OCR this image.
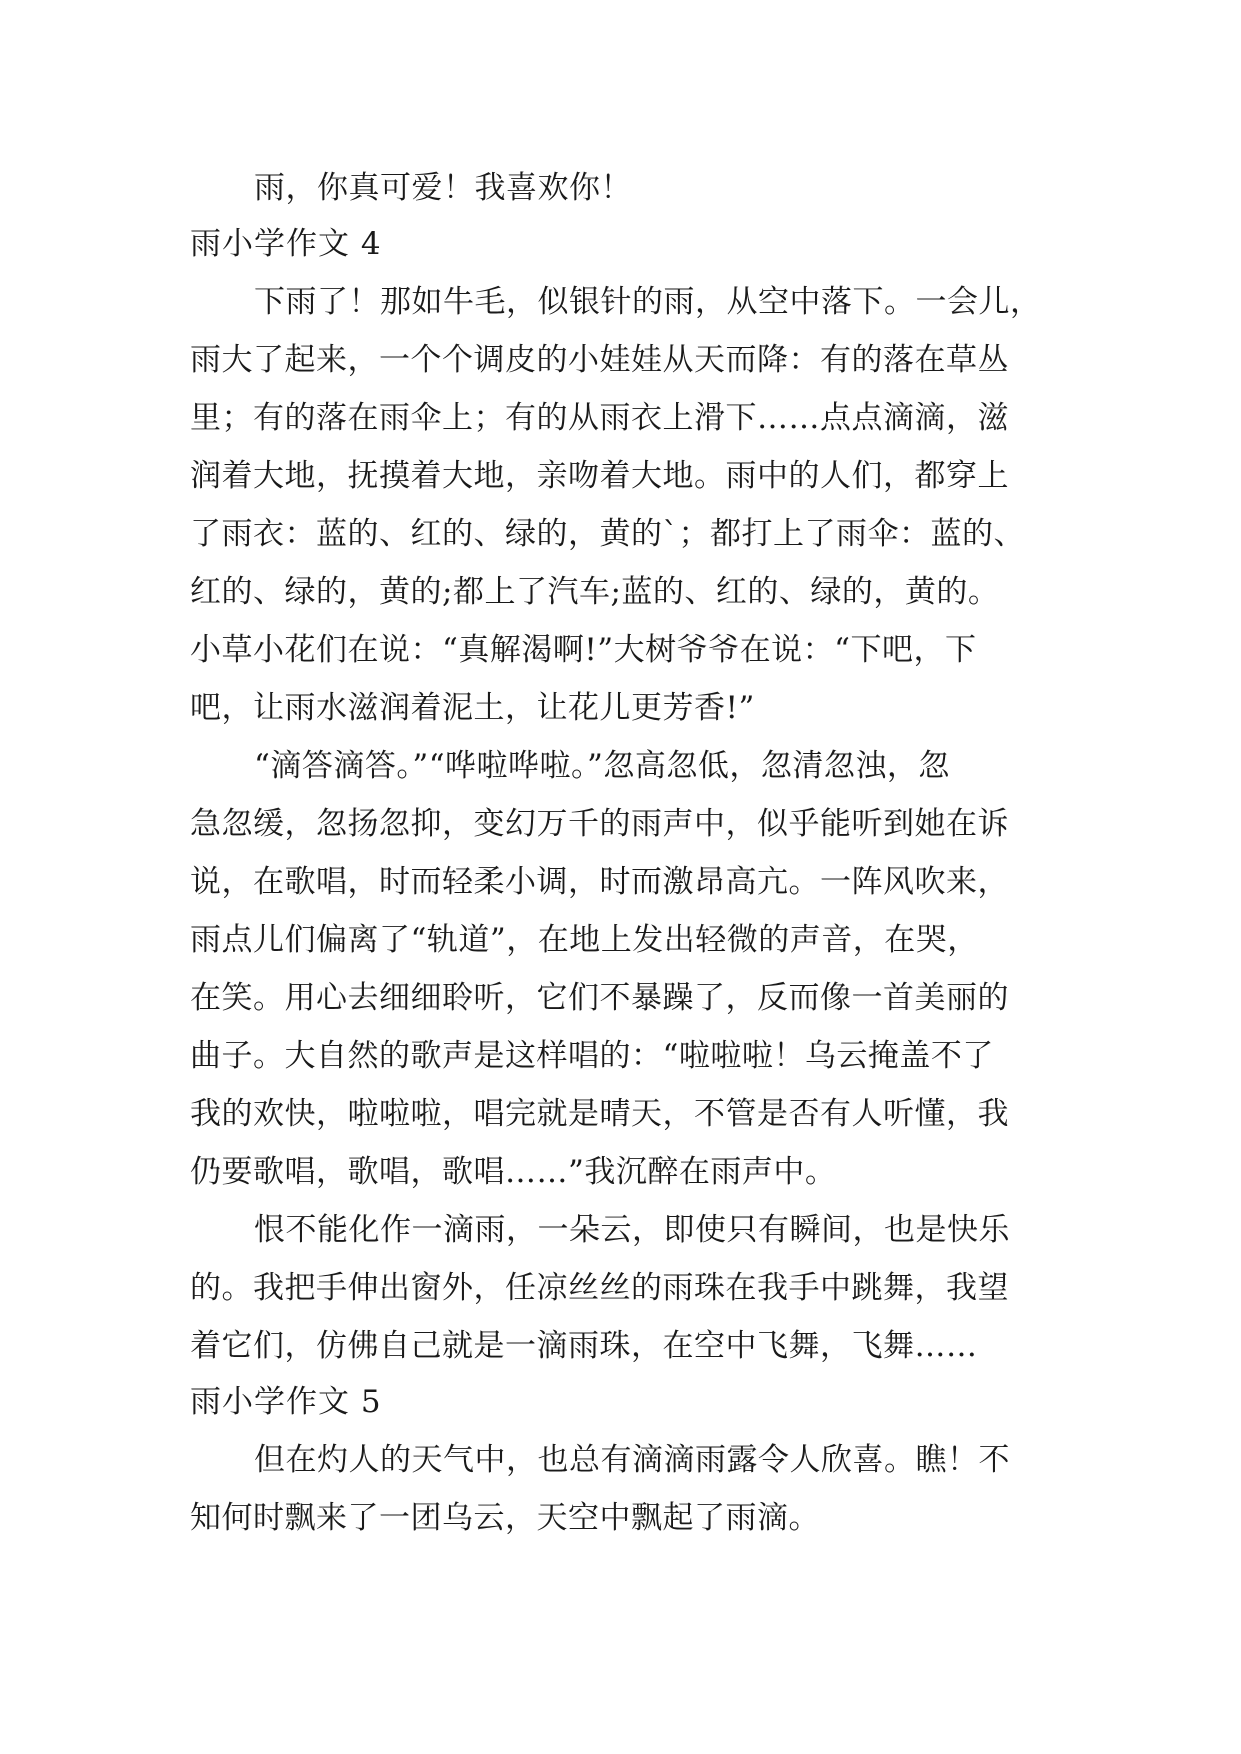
雨，你真可爱！我喜欢你！
雨小学作文 4
下雨了！那如牛毛，似银针的雨，从空中落下。一会儿，
雨大了起来，一个个调皮的小娃娃从天而降：有的落在草丛
里；有的落在雨伞上；有的从雨衣上滑下……点点滴滴，滋
润着大地，抚摸着大地，亲吻着大地。雨中的人们，都穿上
了雨衣：蓝的、红的、绿的，黄的`；都打上了雨伞：蓝的、
红的、绿的，黄的;都上了汽车;蓝的、红的、绿的，黄的。
小草小花们在说：“真解渴啊!”大树爷爷在说：“下吧，下
吧，让雨水滋润着泥土，让花儿更芳香!”
“滴答滴答。”“哗啦哗啦。”忽高忽低，忽清忽浊，忽
急忽缓，忽扬忽抑，变幻万千的雨声中，似乎能听到她在诉
说，在歌唱，时而轻柔小调，时而激昂高亢。一阵风吹来，
雨点儿们偏离了“轨道”，在地上发出轻微的声音，在哭，
在笑。用心去细细聆听，它们不暴躁了，反而像一首美丽的
曲子。大自然的歌声是这样唱的：“啦啦啦！乌云掩盖不了
我的欢快，啦啦啦，唱完就是晴天，不管是否有人听懂，我
仍要歌唱，歌唱，歌唱……”我沉醉在雨声中。
恨不能化作一滴雨，一朵云，即使只有瞬间，也是快乐
的。我把手伸出窗外，任凉丝丝的雨珠在我手中跳舞，我望
着它们，仿佛自己就是一滴雨珠，在空中飞舞，飞舞……
雨小学作文 5
但在灼人的天气中，也总有滴滴雨露令人欣喜。瞧！不
知何时飘来了一团乌云，天空中飘起了雨滴。
